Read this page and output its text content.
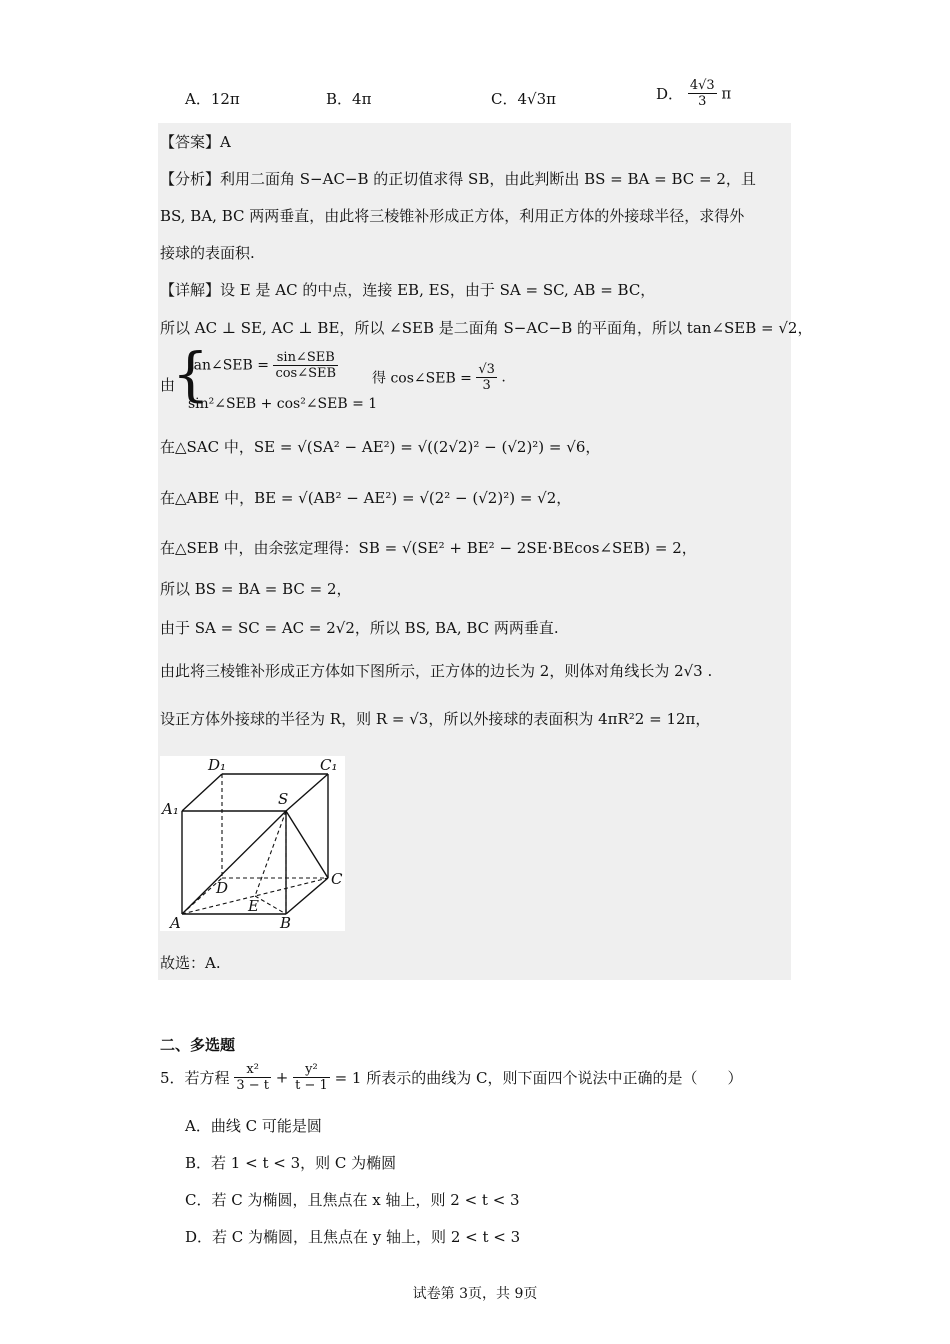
A．12π	B．4π	C．4√3π	D． $\frac{4√3}{3}$ π
【答案】A
【分析】利用二面角 S−AC−B 的正切值求得 SB，由此判断出 BS = BA = BC = 2，且
BS, BA, BC 两两垂直，由此将三棱锥补形成正方体，利用正方体的外接球半径，求得外
接球的表面积.
【详解】设 E 是 AC 的中点，连接 EB, ES，由于 SA = SC, AB = BC，
所以 AC ⊥ SE, AC ⊥ BE，所以 ∠SEB 是二面角 S−AC−B 的平面角，所以 tan∠SEB = √2，
由
{
tan∠SEB = $\frac{\text{sin∠SEB}}{\text{cos∠SEB}}$
sin²∠SEB + cos²∠SEB = 1
得 cos∠SEB = $\frac{√3}{3}$ .
在△SAC 中，SE = √(SA² − AE²) = √((2√2)² − (√2)²) = √6，
在△ABE 中，BE = √(AB² − AE²) = √(2² − (√2)²) = √2，
在△SEB 中，由余弦定理得：SB = √(SE² + BE² − 2SE·BEcos∠SEB) = 2，
所以 BS = BA = BC = 2，
由于 SA = SC = AC = 2√2，所以 BS, BA, BC 两两垂直.
由此将三棱锥补形成正方体如下图所示，正方体的边长为 2，则体对角线长为 2√3 .
设正方体外接球的半径为 R，则 R = √3，所以外接球的表面积为 4πR²2 = 12π，
D₁	C₁
A₁
S
C
D
E
A	B
故选：A.
二、多选题
5．若方程 $\frac{\text{x²}}{3 - t} + \frac{\text{y²}}{t - 1} = 1$ 所表示的曲线为 C，则下面四个说法中正确的是（　　）
A．曲线 C 可能是圆
B．若 1 < t < 3，则 C 为椭圆
C．若 C 为椭圆，且焦点在 x 轴上，则 2 < t < 3
D．若 C 为椭圆，且焦点在 y 轴上，则 2 < t < 3
试卷第 3页，共 9页
